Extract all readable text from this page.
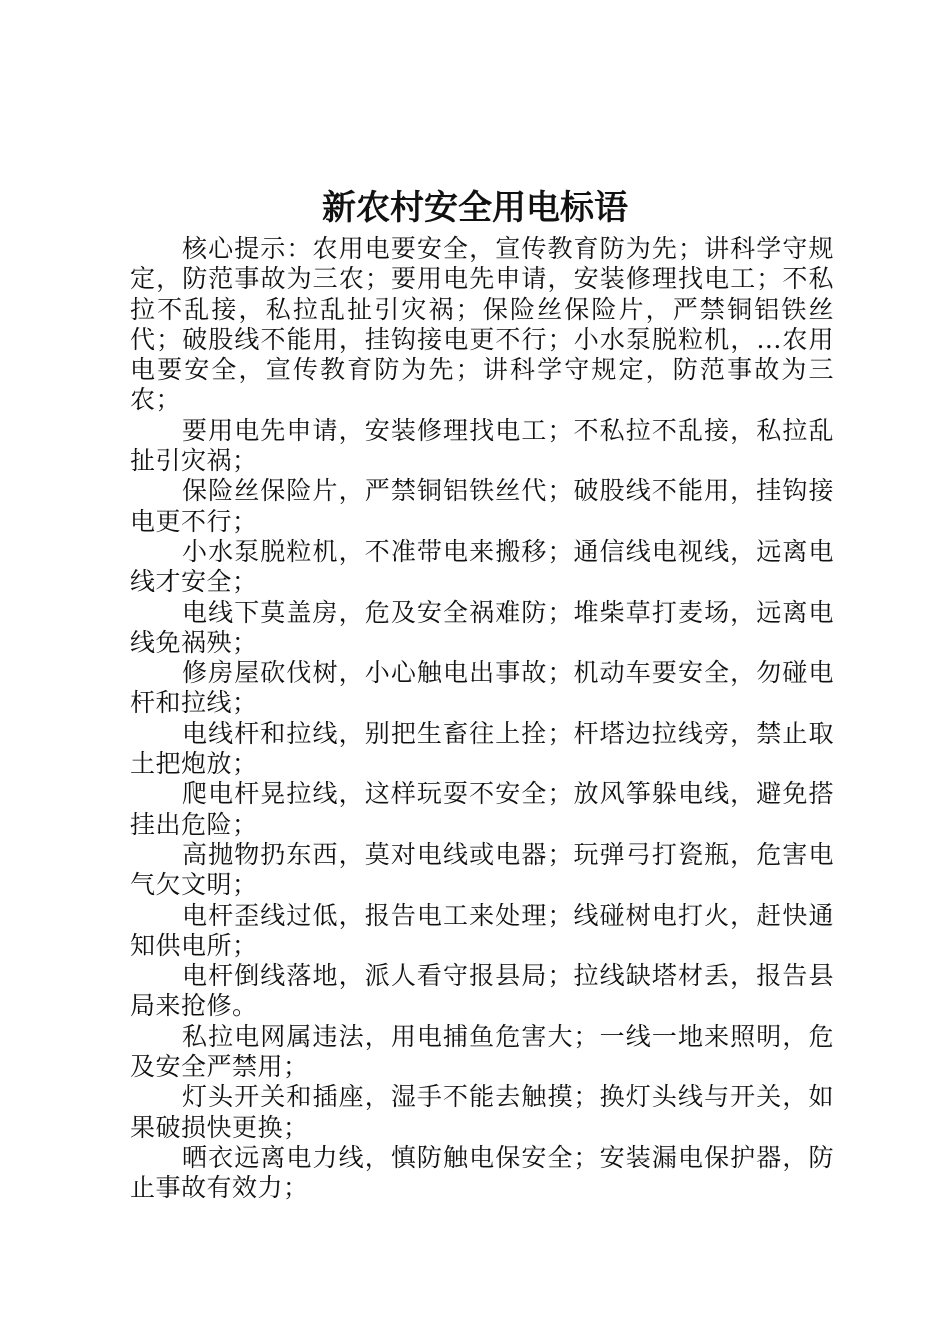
新农村安全用电标语

核心提示：农用电要安全，宣传教育防为先；讲科学守规定，防范事故为三农；要用电先申请，安装修理找电工；不私拉不乱接，私拉乱扯引灾祸；保险丝保险片，严禁铜铝铁丝代；破股线不能用，挂钩接电更不行；小水泵脱粒机，...农用电要安全，宣传教育防为先；讲科学守规定，防范事故为三农；

要用电先申请，安装修理找电工；不私拉不乱接，私拉乱扯引灾祸；

保险丝保险片，严禁铜铝铁丝代；破股线不能用，挂钩接电更不行；

小水泵脱粒机，不准带电来搬移；通信线电视线，远离电线才安全；

电线下莫盖房，危及安全祸难防；堆柴草打麦场，远离电线免祸殃；

修房屋砍伐树，小心触电出事故；机动车要安全，勿碰电杆和拉线；

电线杆和拉线，别把生畜往上拴；杆塔边拉线旁，禁止取土把炮放；

爬电杆晃拉线，这样玩耍不安全；放风筝躲电线，避免搭挂出危险；

高抛物扔东西，莫对电线或电器；玩弹弓打瓷瓶，危害电气欠文明；

电杆歪线过低，报告电工来处理；线碰树电打火，赶快通知供电所；

电杆倒线落地，派人看守报县局；拉线缺塔材丢，报告县局来抢修。

私拉电网属违法，用电捕鱼危害大；一线一地来照明，危及安全严禁用；

灯头开关和插座，湿手不能去触摸；换灯头线与开关，如果破损快更换；

晒衣远离电力线，慎防触电保安全；安装漏电保护器，防止事故有效力；
